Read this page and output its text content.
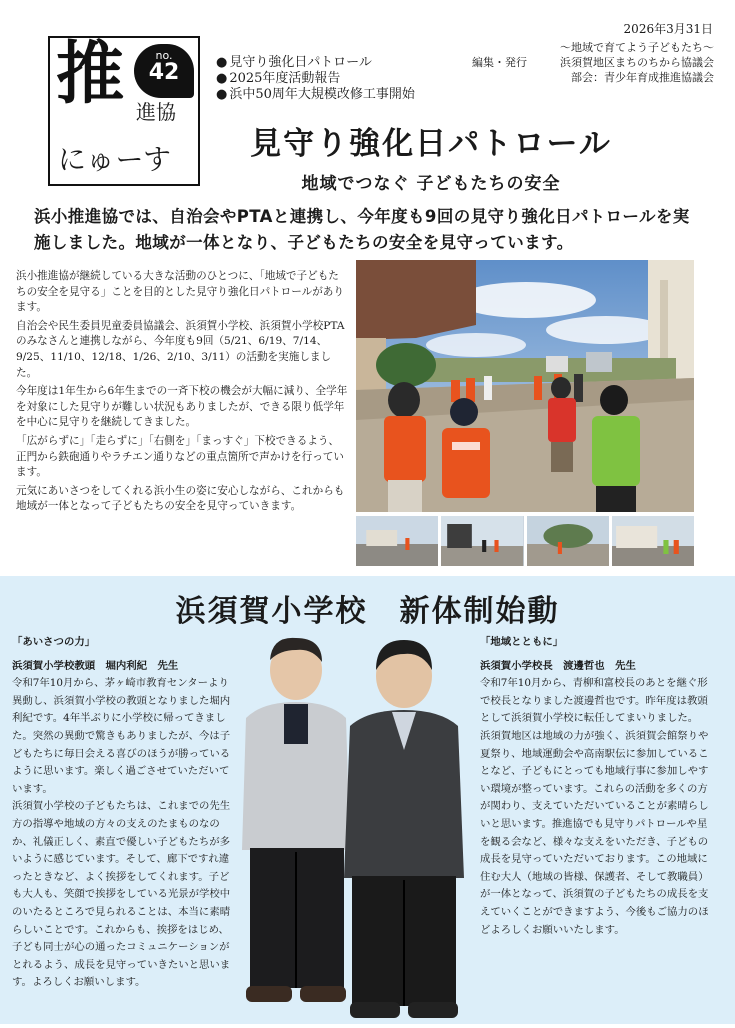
2026年3月31日
推	no.
42
進協
にゅーす
● 見守り強化日パトロール
● 2025年度活動報告
● 浜中50周年大規模改修工事開始
〜地域で育てよう子どもたち〜
編集・発行	浜須賀地区まちのちから協議会
部会：青少年育成推進協議会
見守り強化日パトロール
地域でつなぐ 子どもたちの安全
浜小推進協では、自治会やPTAと連携し、今年度も9回の見守り強化日パトロールを実施しました。地域が一体となり、子どもたちの安全を見守っています。

浜小推進協が継続している大きな活動のひとつに、「地域で子どもたちの安全を見守る」ことを目的とした見守り強化日パトロールがあります。

自治会や民生委員児童委員協議会、浜須賀小学校、浜須賀小学校PTAのみなさんと連携しながら、今年度も9回（5/21、6/19、7/14、9/25、11/10、12/18、1/26、2/10、3/11）の活動を実施しました。

今年度は1年生から6年生までの一斉下校の機会が大幅に減り、全学年を対象にした見守りが難しい状況もありましたが、できる限り低学年を中心に見守りを継続してきました。

「広がらずに」「走らずに」「右側を」「まっすぐ」下校できるよう、正門から鉄砲通りやラチエン通りなどの重点箇所で声かけを行っています。

元気にあいさつをしてくれる浜小生の姿に安心しながら、これからも地域が一体となって子どもたちの安全を見守っていきます。

浜須賀小学校　新体制始動

「あいさつの力」

浜須賀小学校教頭　堀内利紀　先生

令和7年10月から、茅ヶ崎市教育センターより異動し、浜須賀小学校の教頭となりました堀内利紀です。4年半ぶりに小学校に帰ってきました。突然の異動で驚きもありましたが、今は子どもたちに毎日会える喜びのほうが勝っているように思います。楽しく過ごさせていただいています。

浜須賀小学校の子どもたちは、これまでの先生方の指導や地域の方々の支えのたまものなのか、礼儀正しく、素直で優しい子どもたちが多いように感じています。そして、廊下ですれ違ったときなど、よく挨拶をしてくれます。子ども大人も、笑顔で挨拶をしている光景が学校中のいたるところで見られることは、本当に素晴らしいことです。これからも、挨拶をはじめ、子ども同士が心の通ったコミュニケーションがとれるよう、成長を見守っていきたいと思います。よろしくお願いします。

「地域とともに」

浜須賀小学校長　渡邊哲也　先生

令和7年10月から、青柳和富校長のあとを継ぐ形で校長となりました渡邊哲也です。昨年度は教頭として浜須賀小学校に転任してまいりました。

浜須賀地区は地域の力が強く、浜須賀会館祭りや夏祭り、地域運動会や高南駅伝に参加していることなど、子どもにとっても地域行事に参加しやすい環境が整っています。これらの活動を多くの方が関わり、支えていただいていることが素晴らしいと思います。推進協でも見守りパトロールや星を観る会など、様々な支えをいただき、子どもの成長を見守っていただいております。この地域に住む大人（地域の皆様、保護者、そして教職員）が一体となって、浜須賀の子どもたちの成長を支えていくことができますよう、今後もご協力のほどよろしくお願いいたします。
